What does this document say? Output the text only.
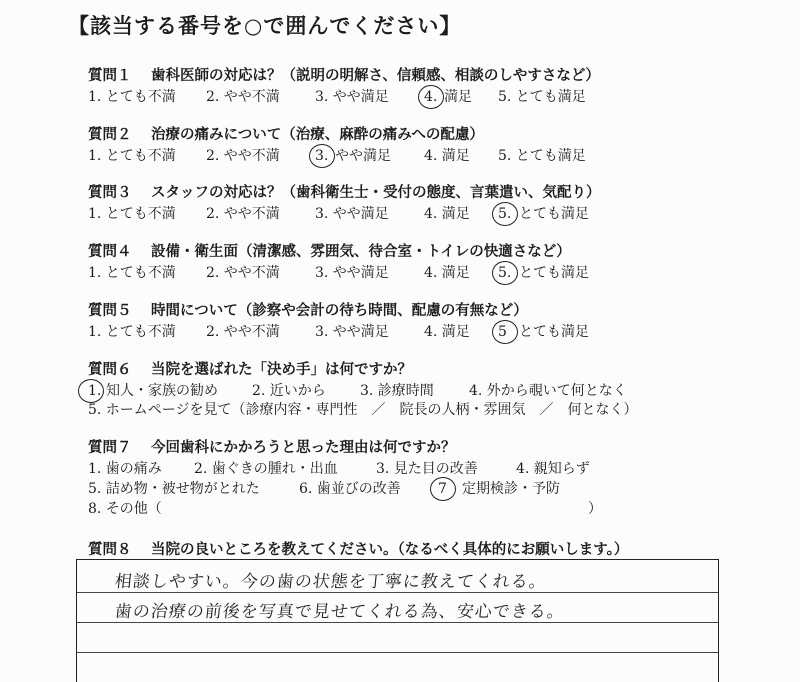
【該当する番号を○で囲んでください】
質問１ 歯科医師の対応は？（説明の明解さ、信頼感、相談のしやすさなど）
1. とても不満 2. やや不満	3. やや満足	4. 満足 5. とても満足
質問２ 治療の痛みについて（治療、麻酔の痛みへの配慮）
1. とても不満 2. やや不満	3. やや満足 4. 満足 5. とても満足
質問３ スタッフの対応は？（歯科衛生士・受付の態度、言葉遣い、気配り）
1. とても不満 2. やや不満	3. やや満足	4. 満足 5. とても満足
質問４ 設備・衛生面（清潔感、雰囲気、待合室・トイレの快適さなど）
1. とても不満 2. やや不満	3. やや満足	4. 満足 5. とても満足
質問５ 時間について（診察や会計の待ち時間、配慮の有無など）
1. とても不満 2. やや不満	3. やや満足	4. 満足 5 とても満足
質問６ 当院を選ばれた「決め手」は何ですか？
1. 知人・家族の勧め 2. 近いから 3. 診療時間	4. 外から覗いて何となく
5. ホームページを見て（診療内容・専門性　／　院長の人柄・雰囲気　／　何となく）
質問７ 今回歯科にかかろうと思った理由は何ですか？
1. 歯の痛み 2. 歯ぐきの腫れ・出血	3. 見た目の改善	4. 親知らず
5. 詰め物・被せ物がとれた	6. 歯並びの改善	7 定期検診・予防
8. その他（	）
質問８ 当院の良いところを教えてください。（なるべく具体的にお願いします。）
相談しやすい。今の歯の状態を丁寧に教えてくれる。
歯の治療の前後を写真で見せてくれる為、安心できる。
